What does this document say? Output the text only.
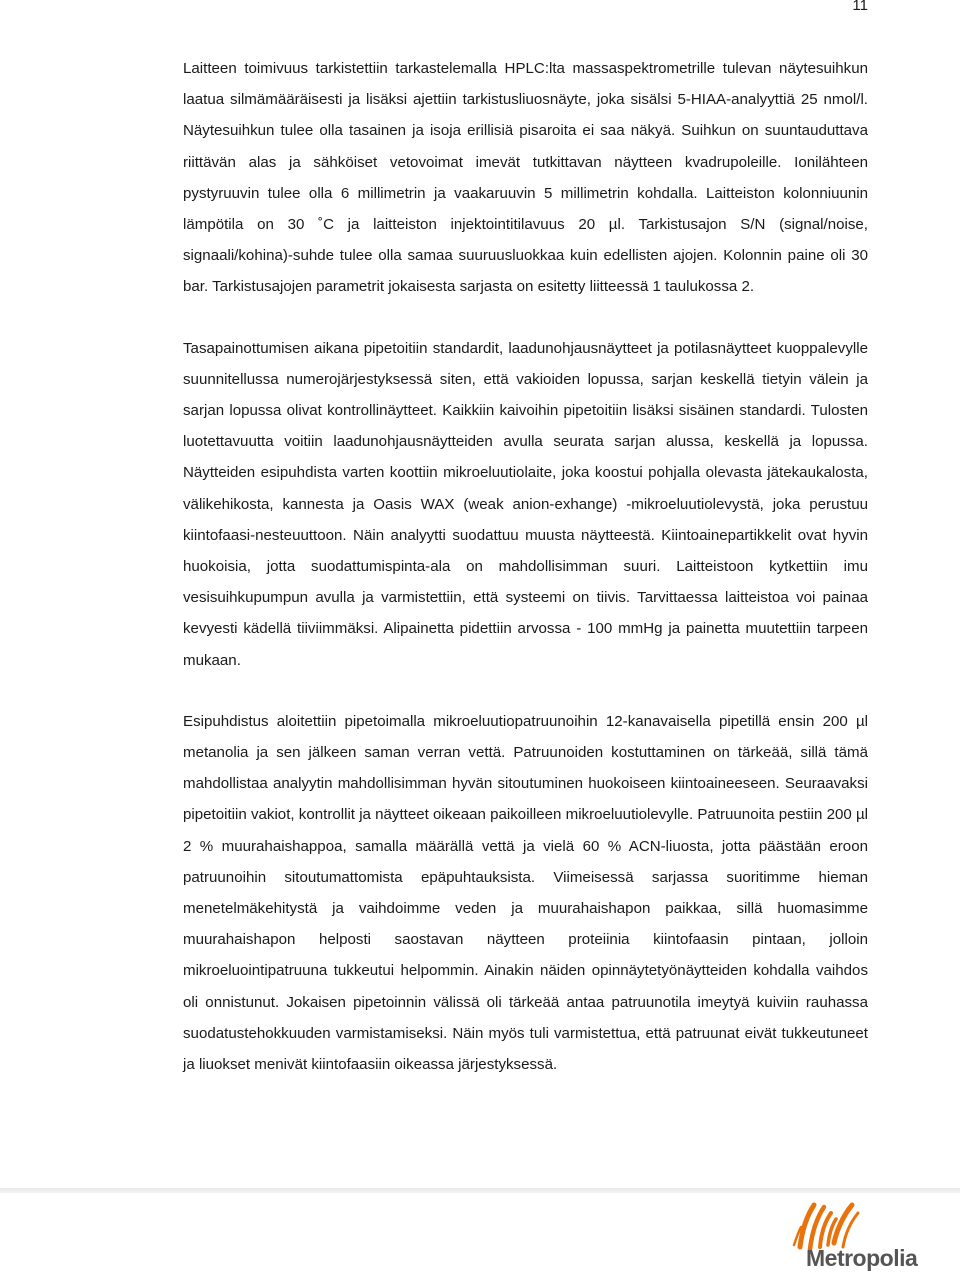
11

Laitteen toimivuus tarkistettiin tarkastelemalla HPLC:lta massaspektrometrille tulevan näytesuihkun laatua silmämääräisesti ja lisäksi ajettiin tarkistusliuosnäyte, joka sisälsi 5-HIAA-analyyttiä 25 nmol/l. Näytesuihkun tulee olla tasainen ja isoja erillisiä pisaroita ei saa näkyä. Suihkun on suuntauduttava riittävän alas ja sähköiset vetovoimat imevät tutkittavan näytteen kvadrupoleille. Ionilähteen pystyruuvin tulee olla 6 millimetrin ja vaakaruuvin 5 millimetrin kohdalla. Laitteiston kolonniuunin lämpötila on 30 ˚C ja laitteiston injektointitilavuus 20 µl. Tarkistusajon S/N (signal/noise, signaali/kohina)-suhde tulee olla samaa suuruusluokkaa kuin edellisten ajojen. Kolonnin paine oli 30 bar. Tarkistusajojen parametrit jokaisesta sarjasta on esitetty liitteessä 1 taulukossa 2.

Tasapainottumisen aikana pipetoitiin standardit, laadunohjausnäytteet ja potilasnäytteet kuoppalevylle suunnitellussa numerojärjestyksessä siten, että vakioiden lopussa, sarjan keskellä tietyin välein ja sarjan lopussa olivat kontrollinäytteet. Kaikkiin kaivoihin pipetoitiin lisäksi sisäinen standardi. Tulosten luotettavuutta voitiin laadunohjausnäytteiden avulla seurata sarjan alussa, keskellä ja lopussa. Näytteiden esipuhdista varten koottiin mikroeluutiolaite, joka koostui pohjalla olevasta jätekaukalosta, välikehikosta, kannesta ja Oasis WAX (weak anion-exhange) -mikroeluutiolevystä, joka perustuu kiintofaasi-nesteuuttoon. Näin analyytti suodattuu muusta näytteestä. Kiintoainepartikkelit ovat hyvin huokoisia, jotta suodattumispinta-ala on mahdollisimman suuri. Laitteistoon kytkettiin imu vesisuihkupumpun avulla ja varmistettiin, että systeemi on tiivis. Tarvittaessa laitteistoa voi painaa kevyesti kädellä tiiviimmäksi. Alipainetta pidettiin arvossa - 100 mmHg ja painetta muutettiin tarpeen mukaan.

Esipuhdistus aloitettiin pipetoimalla mikroeluutiopatruunoihin 12-kanavaisella pipetillä ensin 200 µl metanolia ja sen jälkeen saman verran vettä. Patruunoiden kostuttaminen on tärkeää, sillä tämä mahdollistaa analyytin mahdollisimman hyvän sitoutuminen huokoiseen kiintoaineeseen. Seuraavaksi pipetoitiin vakiot, kontrollit ja näytteet oikeaan paikoilleen mikroeluutiolevylle. Patruunoita pestiin 200 µl 2 % muurahaishappoa, samalla määrällä vettä ja vielä 60 % ACN-liuosta, jotta päästään eroon patruunoihin sitoutumattomista epäpuhtauksista. Viimeisessä sarjassa suoritimme hieman menetelmäkehitystä ja vaihdoimme veden ja muurahaishapon paikkaa, sillä huomasimme muurahaishapon helposti saostavan näytteen proteiinia kiintofaasin pintaan, jolloin mikroeluointipatruuna tukkeutui helpommin. Ainakin näiden opinnäytetyönäytteiden kohdalla vaihdos oli onnistunut. Jokaisen pipetoinnin välissä oli tärkeää antaa patruunotila imeytyä kuiviin rauhassa suodatustehokkuuden varmistamiseksi. Näin myös tuli varmistettua, että patruunat eivät tukkeutuneet ja liuokset menivät kiintofaasiin oikeassa järjestyksessä.

Metropolia
